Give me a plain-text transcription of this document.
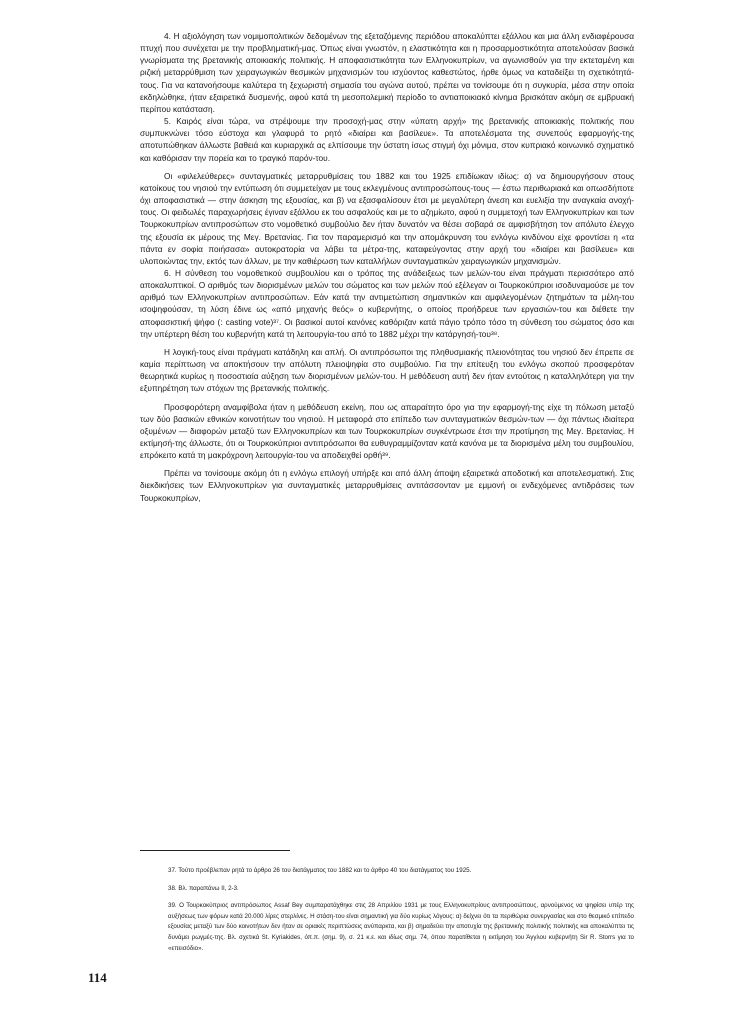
4. Η αξιολόγηση των νομιμοπολιτικών δεδομένων της εξεταζόμενης περιόδου αποκαλύπτει εξάλλου και μια άλλη ενδιαφέρουσα πτυχή που συνέχεται με την προβληματική-μας. Όπως είναι γνωστόν, η ελαστικότητα και η προσαρμοστικότητα αποτελούσαν βασικά γνωρίσματα της βρετανικής αποικιακής πολιτικής. Η αποφασιστικότητα των Ελληνοκυπρίων, να αγωνισθούν για την εκτεταμένη και ριζική μεταρρύθμιση των χειραγωγικών θεσμικών μηχανισμών του ισχύοντος καθεστώτος, ήρθε όμως να καταδείξει τη σχετικότητά-τους. Για να κατανοήσουμε καλύτερα τη ξεχωριστή σημασία του αγώνα αυτού, πρέπει να τονίσουμε ότι η συγκυρία, μέσα στην οποία εκδηλώθηκε, ήταν εξαιρετικά δυσμενής, αφού κατά τη μεσοπολεμική περίοδο το αντιαποικιακό κίνημα βρισκόταν ακόμη σε εμβρυακή περίπου κατάσταση.

5. Καιρός είναι τώρα, να στρέψουμε την προσοχή-μας στην «ύπατη αρχή» της βρετανικής αποικιακής πολιτικής που συμπυκνώνει τόσο εύστοχα και γλαφυρά το ρητό «διαίρει και βασίλευε». Τα αποτελέσματα της συνεπούς εφαρμογής-της αποτυπώθηκαν άλλωστε βαθειά και κυριαρχικά ας ελπίσουμε την ύστατη ίσως στιγμή όχι μόνιμα, στον κυπριακό κοινωνικό σχηματικό και καθόρισαν την πορεία και το τραγικό παρόν-του.

Οι «φιλελεύθερες» συνταγματικές μεταρρυθμίσεις του 1882 και του 1925 επιδίωκαν ιδίως: α) να δημιουργήσουν στους κατοίκους του νησιού την εντύπωση ότι συμμετείχαν με τους εκλεγμένους αντιπροσώπους-τους — έστω περιθωριακά και οπωσδήποτε όχι αποφασιστικά — στην άσκηση της εξουσίας, και β) να εξασφαλίσουν έτσι με μεγαλύτερη άνεση και ευελιξία την αναγκαία ανοχή-τους. Οι φειδωλές παραχωρήσεις έγιναν εξάλλου εκ του ασφαλούς και με το αζημίωτο, αφού η συμμετοχή των Ελληνοκυπρίων και των Τουρκοκυπρίων αντιπροσώπων στο νομοθετικό συμβούλιο δεν ήταν δυνατόν να θέσει σοβαρά σε αμφισβήτηση τον απόλυτο έλεγχο της εξουσία εκ μέρους της Μεγ. Βρετανίας. Για τον παραμερισμό και την απομάκρυνση του ενλόγω κινδύνου είχε φροντίσει η «τα πάντα εν σοφία ποιήσασα» αυτοκρατορία να λάβει τα μέτρα-της, καταφεύγοντας στην αρχή του «διαίρει και βασίλευε» και υλοποιώντας την, εκτός των άλλων, με την καθιέρωση των καταλλήλων συνταγματικών χειραγωγικών μηχανισμών.

6. Η σύνθεση του νομοθετικού συμβουλίου και ο τρόπος της ανάδειξεως των μελών-του είναι πράγματι περισσότερο από αποκαλυπτικοί. Ο αριθμός των διορισμένων μελών του σώματος και των μελών πού εξέλεγαν οι Τουρκοκύπριοι ισοδυναμούσε με τον αριθμό των Ελληνοκυπρίων αντιπροσώπων. Εάν κατά την αντιμετώπιση σημαντικών και αμφιλεγομένων ζητημάτων τα μέλη-του ισοψηφούσαν, τη λύση έδινε ως «από μηχανής θεός» ο κυβερνήτης, ο οποίος προήδρευε των εργασιών-του και διέθετε την αποφασιστική ψήφο (: casting vote)³⁷. Οι βασικοί αυτοί κανόνες καθόριζαν κατά πάγιο τρόπο τόσο τη σύνθεση του σώματος όσο και την υπέρτερη θέση του κυβερνήτη κατά τη λειτουργία-του από το 1882 μέχρι την κατάργησή-του³⁸.

Η λογική-τους είναι πράγματι κατάδηλη και απλή. Οι αντιπρόσωποι της πληθυσμιακής πλειονότητας του νησιού δεν έπρεπε σε καμία περίπτωση να αποκτήσουν την απόλυτη πλειοψηφία στο συμβούλιο. Για την επίτευξη του ενλόγω σκοπού προσφερόταν θεωρητικά κυρίως η ποσοστιαία αύξηση των διορισμένων μελών-του. Η μεθόδευση αυτή δεν ήταν εντούτοις η καταλληλότερη για την εξυπηρέτηση των στόχων της βρετανικής πολιτικής.

Προσφορότερη αναμφίβολα ήταν η μεθόδευση εκείνη, που ως απαραίτητο όρο για την εφαρμογή-της είχε τη πόλωση μεταξύ των δύο βασικών εθνικών κοινοτήτων του νησιού. Η μεταφορά στο επίπεδο των συνταγματικών θεσμών-των — όχι πάντως ιδιαίτερα οξυμένων — διαφορών μεταξύ των Ελληνοκυπρίων και των Τουρκοκυπρίων συγκέντρωσε έτσι την προτίμηση της Μεγ. Βρετανίας. Η εκτίμησή-της άλλωστε, ότι οι Τουρκοκύπριοι αντιπρόσωποι θα ευθυγραμμίζονταν κατά κανόνα με τα διορισμένα μέλη του συμβουλίου, επρόκειτο κατά τη μακρόχρονη λειτουργία-του να αποδειχθεί ορθή³⁹.

Πρέπει να τονίσουμε ακόμη ότι η ενλόγω επιλογή υπήρξε και από άλλη άποψη εξαιρετικά αποδοτική και αποτελεσματική. Στις διεκδικήσεις των Ελληνοκυπρίων για συνταγματικές μεταρρυθμίσεις αντιτάσσονταν με εμμονή οι ενδεχόμενες αντιδράσεις των Τουρκοκυπρίων,

37. Τούτο προέβλεπαν ρητά το άρθρο 26 του διατάγματος του 1882 και το άρθρο 40 του διατάγματος του 1925.

38. Βλ. παραπάνω ΙΙ, 2-3.

39. Ο Τουρκοκύπριος αντιπρόσωπος Assaf Bey συμπαρατάχθηκε στις 28 Απριλίου 1931 με τους Ελληνοκυπρίους αντιπροσώπους, αρνούμενος να ψηφίσει υπέρ της αυξήσεως των φόρων κατά 20.000 λίρες στερλίνες. Η στάση-του είναι σημαντική για δύο κυρίως λόγους: α) δείχνει ότι τα περιθώρια συνεργασίας και στο θεσμικό επίπεδο εξουσίας μεταξύ των δύο κοινοτήτων δεν ήταν σε οριακές περιπτώσεις ανύπαρκτα, και β) σημαδεύει την αποτυχία της βρετανικής πολιτικής πολιτικής και αποκαλύπτει τις δυνάμει ρωγμές-της. Βλ. σχετικά St. Kyriakides, όπ.π. (σημ. 9), σ. 21 κ.ε. και ιδίως σημ. 74, όπου παρατίθεται η εκτίμηση του Άγγλου κυβερνήτη Sir R. Storrs για το «επεισόδιο».

114
